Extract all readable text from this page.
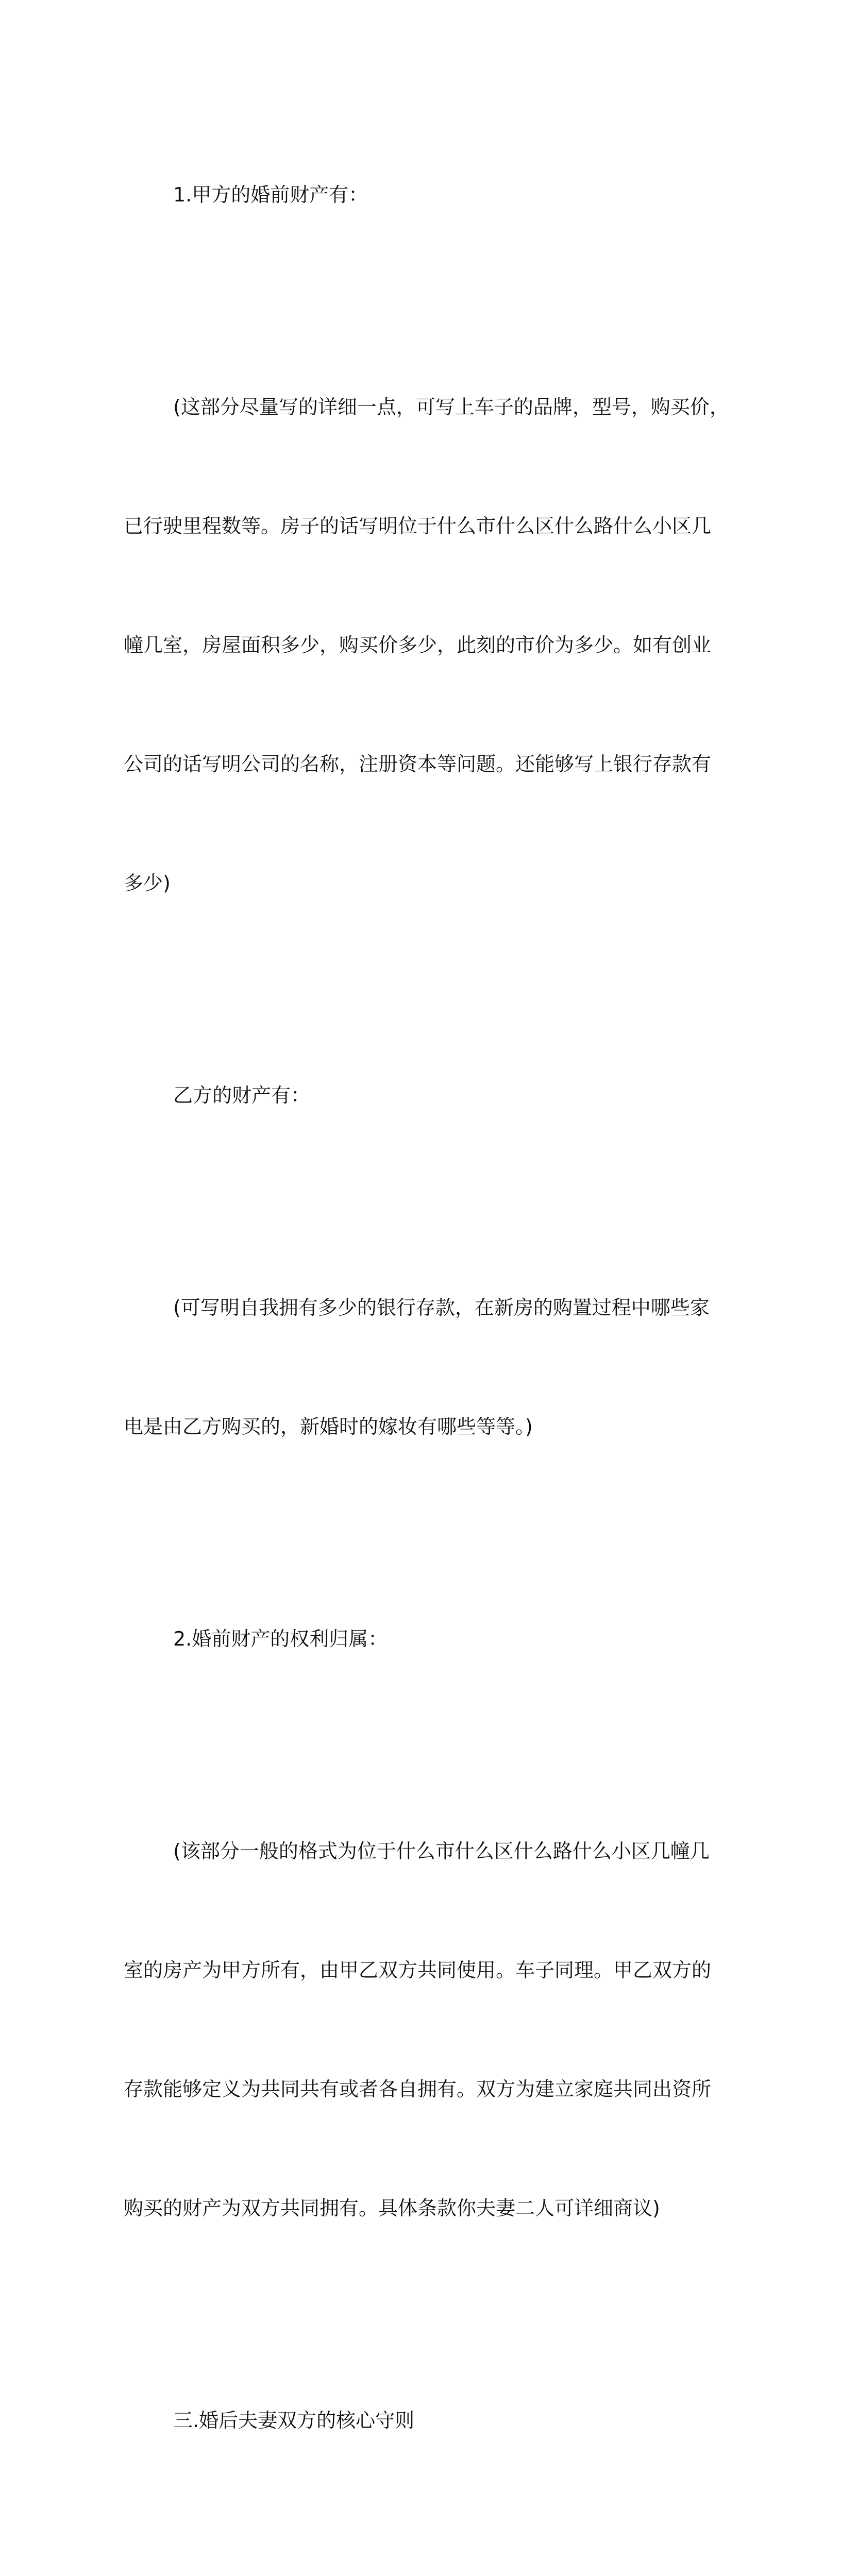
1.甲方的婚前财产有：

(这部分尽量写的详细一点，可写上车子的品牌，型号，购买价，

已行驶里程数等。房子的话写明位于什么市什么区什么路什么小区几

幢几室，房屋面积多少，购买价多少，此刻的市价为多少。如有创业

公司的话写明公司的名称，注册资本等问题。还能够写上银行存款有

多少)

乙方的财产有：

(可写明自我拥有多少的银行存款，在新房的购置过程中哪些家

电是由乙方购买的，新婚时的嫁妆有哪些等等。)

2.婚前财产的权利归属：

(该部分一般的格式为位于什么市什么区什么路什么小区几幢几

室的房产为甲方所有，由甲乙双方共同使用。车子同理。甲乙双方的

存款能够定义为共同共有或者各自拥有。双方为建立家庭共同出资所

购买的财产为双方共同拥有。具体条款你夫妻二人可详细商议)

三.婚后夫妻双方的核心守则
